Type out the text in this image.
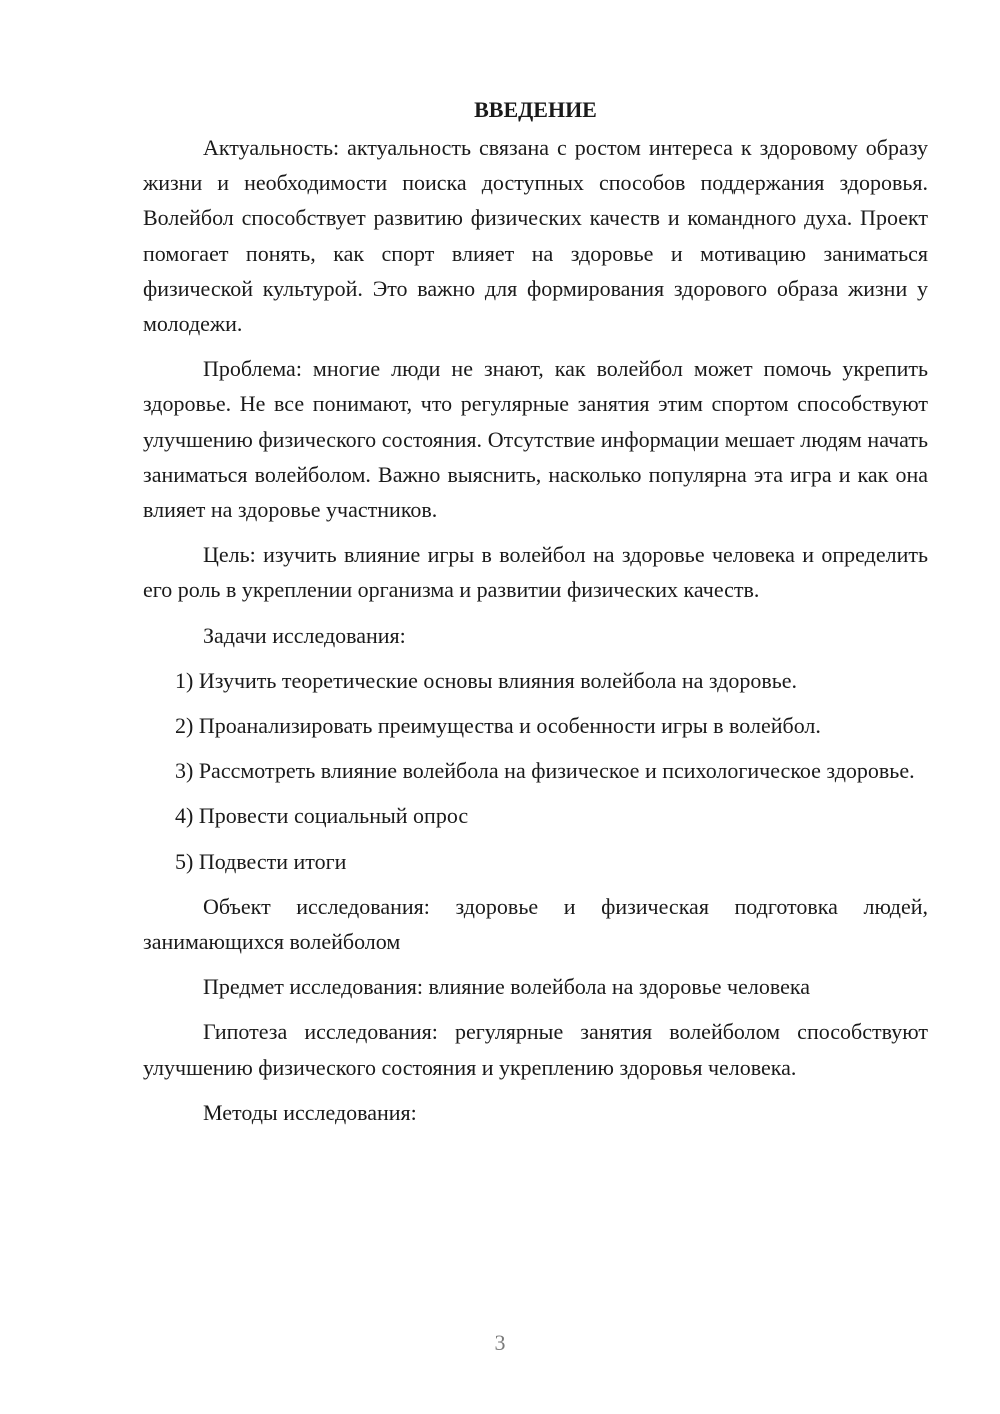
ВВЕДЕНИЕ

Актуальность: актуальность связана с ростом интереса к здоровому образу жизни и необходимости поиска доступных способов поддержания здоровья. Волейбол способствует развитию физических качеств и командного духа. Проект помогает понять, как спорт влияет на здоровье и мотивацию заниматься физической культурой. Это важно для формирования здорового образа жизни у молодежи.

Проблема: многие люди не знают, как волейбол может помочь укрепить здоровье. Не все понимают, что регулярные занятия этим спортом способствуют улучшению физического состояния. Отсутствие информации мешает людям начать заниматься волейболом. Важно выяснить, насколько популярна эта игра и как она влияет на здоровье участников.

Цель: изучить влияние игры в волейбол на здоровье человека и определить его роль в укреплении организма и развитии физических качеств.

Задачи исследования:

1) Изучить теоретические основы влияния волейбола на здоровье.

2) Проанализировать преимущества и особенности игры в волейбол.

3) Рассмотреть влияние волейбола на физическое и психологическое здоровье.

4) Провести социальный опрос

5) Подвести итоги

Объект исследования: здоровье и физическая подготовка людей, занимающихся волейболом

Предмет исследования: влияние волейбола на здоровье человека

Гипотеза исследования: регулярные занятия волейболом способствуют улучшению физического состояния и укреплению здоровья человека.

Методы исследования:

3
